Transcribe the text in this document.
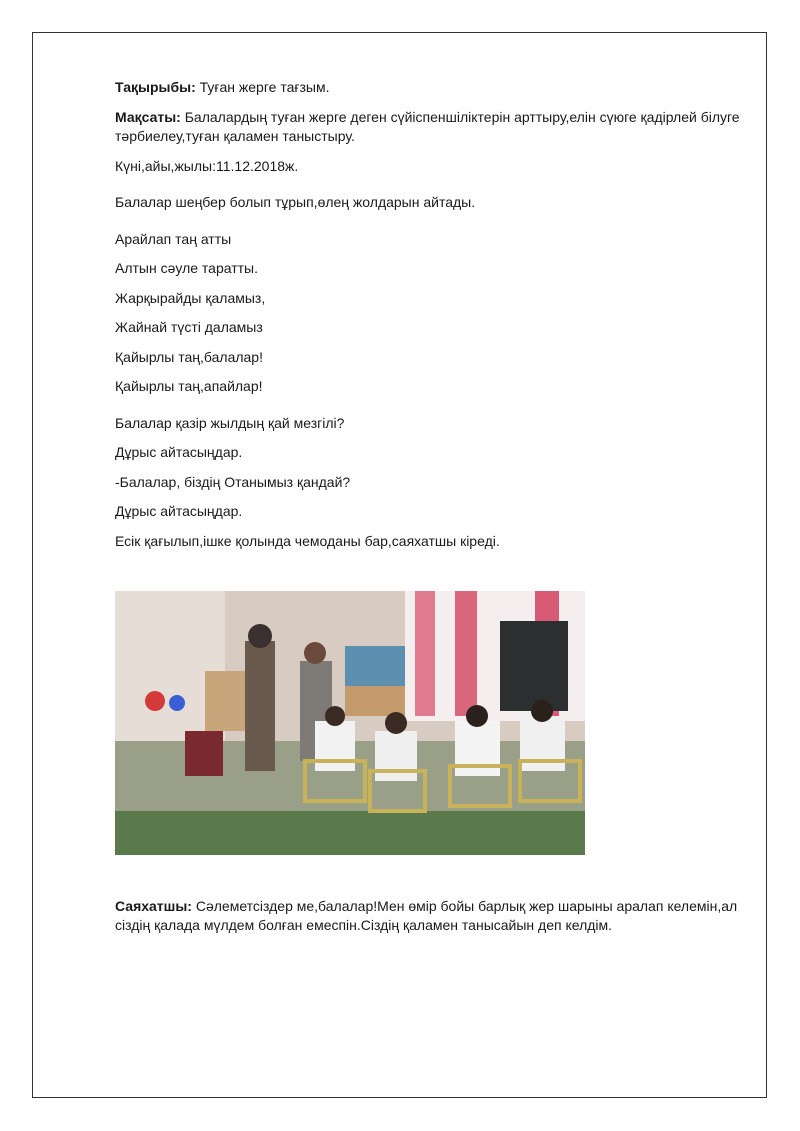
Тақырыбы: Туған жерге тағзым.
Мақсаты: Балалардың туған жерге деген сүйіспеншіліктерін арттыру,елін сүюге қадірлей білуге тәрбиелеу,туған қаламен таныстыру.
Күні,айы,жылы:11.12.2018ж.
Балалар шеңбер болып тұрып,өлең жолдарын айтады.
Арайлап таң атты
Алтын сәуле таратты.
Жарқырайды қаламыз,
Жайнай түсті даламыз
Қайырлы таң,балалар!
Қайырлы таң,апайлар!
Балалар қазір жылдың қай мезгілі?
Дұрыс айтасыңдар.
-Балалар, біздің Отанымыз қандай?
Дұрыс айтасыңдар.
Есік қағылып,ішке қолында чемоданы бар,саяхатшы кіреді.
Саяхатшы: Сәлеметсіздер ме,балалар!Мен өмір бойы барлық жер шарыны аралап келемін,ал сіздің қалада мүлдем болған емеспін.Сіздің қаламен танысайын деп келдім.
